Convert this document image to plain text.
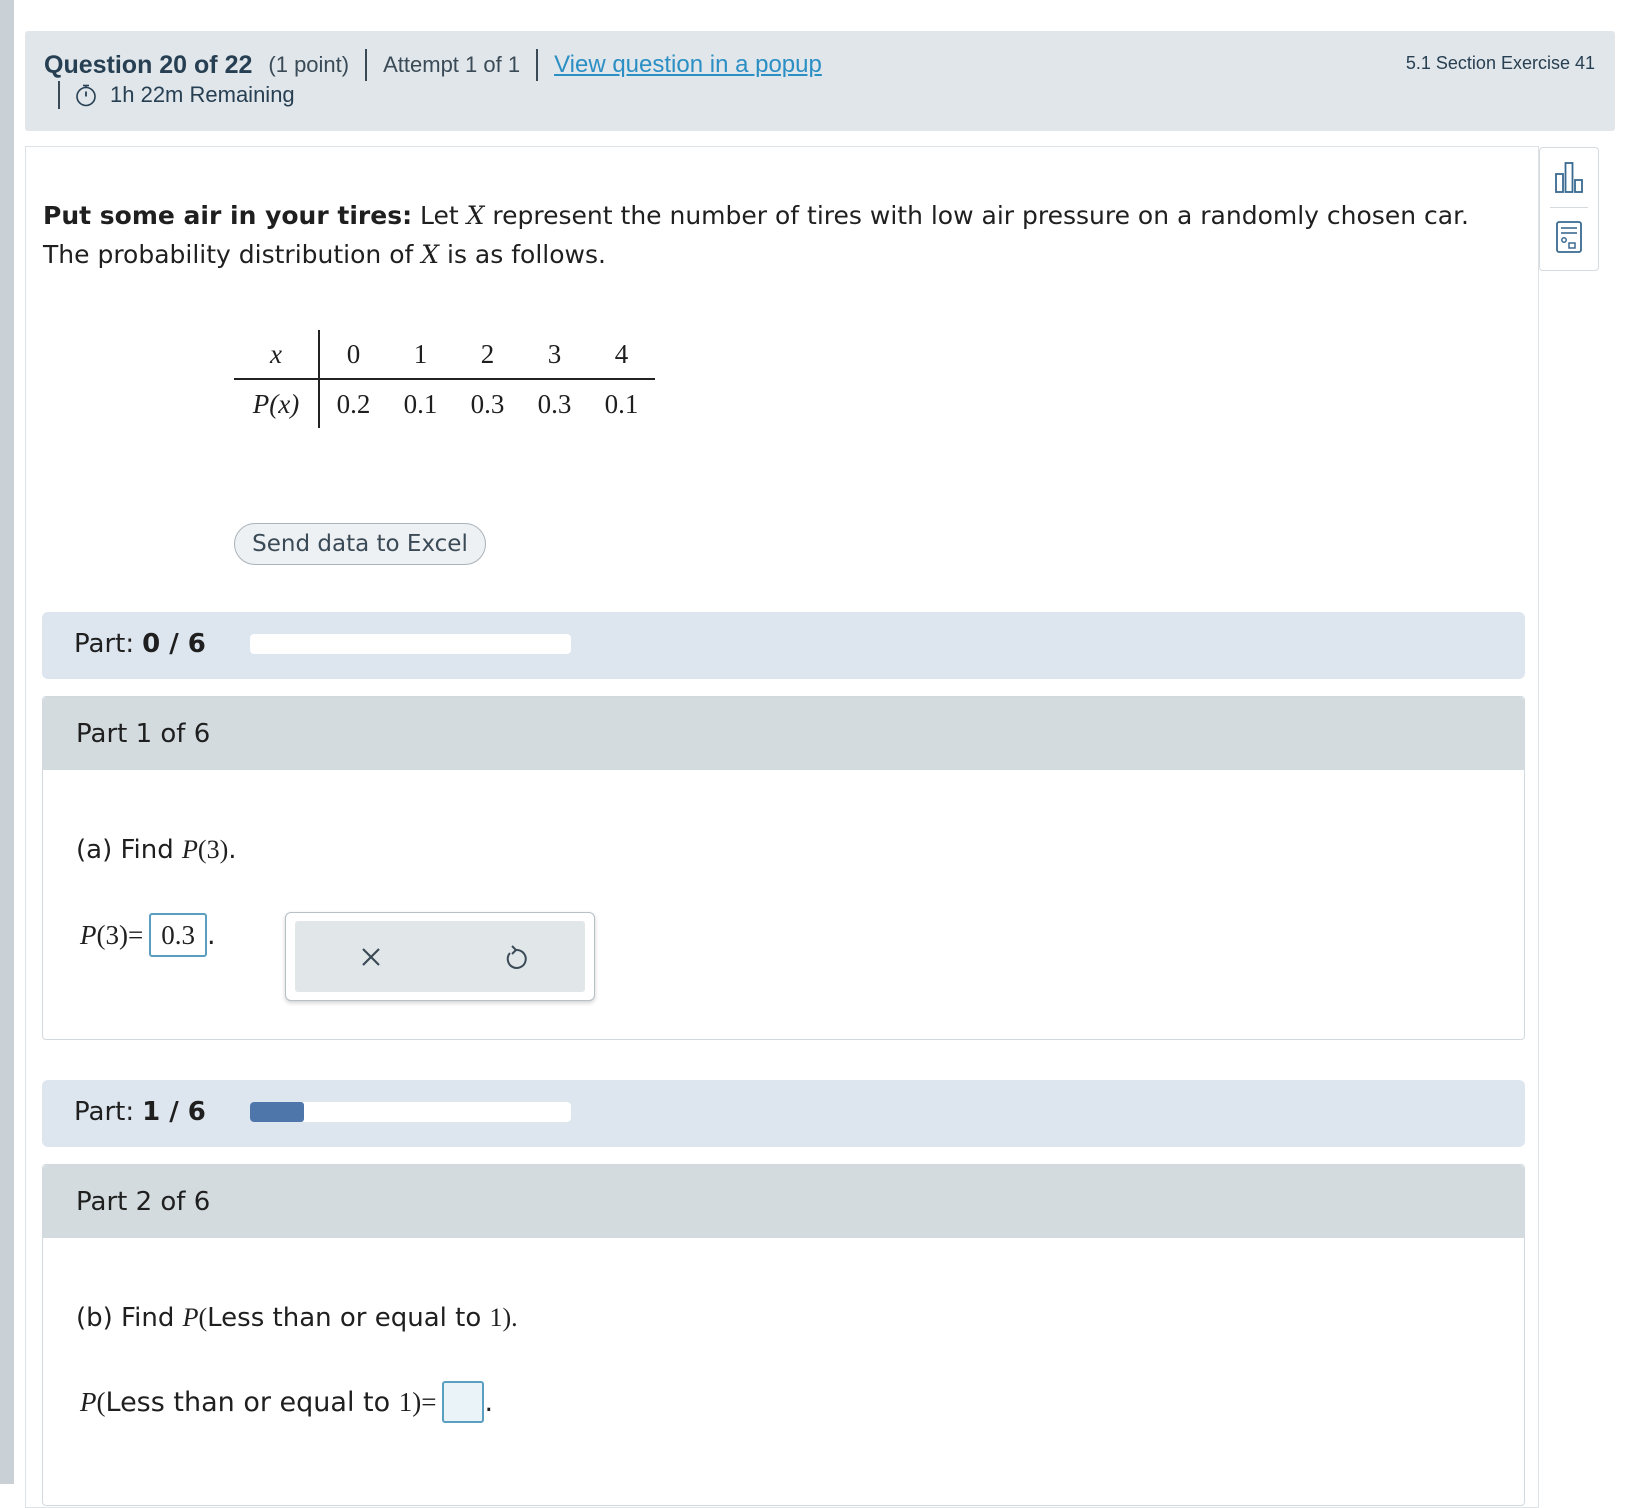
Question 20 of 22 (1 point) Attempt 1 of 1 View question in a popup
1h 22m Remaining
5.1 Section Exercise 41
Put some air in your tires: Let X represent the number of tires with low air pressure on a randomly chosen car.
The probability distribution of X is as follows.
x	0	1	2	3	4
P(x)	0.2	0.1	0.3	0.3	0.1
Send data to Excel
Part: 0 / 6
Part 1 of 6
(a) Find P(3).
P(3)= 0.3 .
Part: 1 / 6
Part 2 of 6
(b) Find P(Less than or equal to 1).
P ( Less than or equal to
1 )= .
